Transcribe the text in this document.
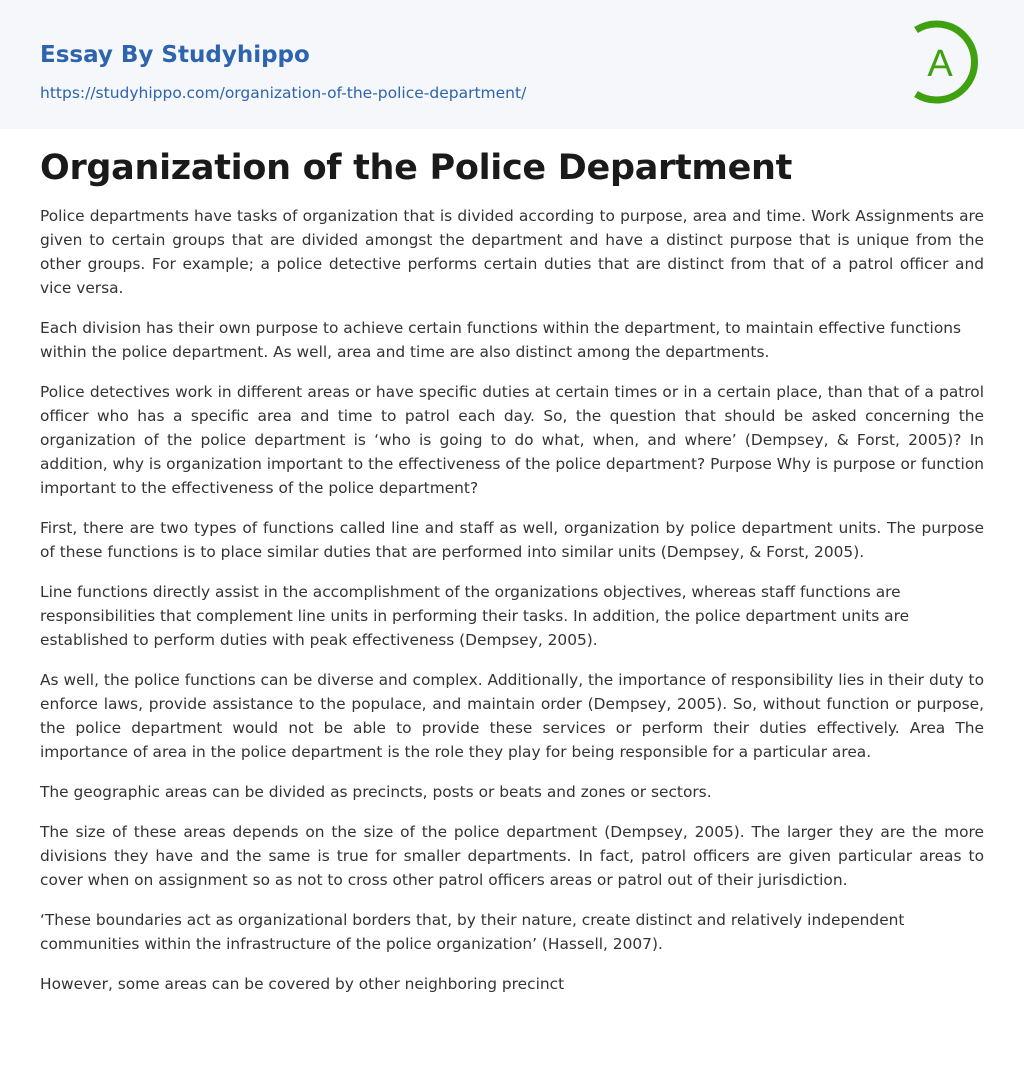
Essay By Studyhippo
https://studyhippo.com/organization-of-the-police-department/
A
Organization of the Police Department

Police departments have tasks of organization that is divided according to purpose, area and time. Work Assignments are given to certain groups that are divided amongst the department and have a distinct purpose that is unique from the other groups. For example; a police detective performs certain duties that are distinct from that of a patrol officer and vice versa.

Each division has their own purpose to achieve certain functions within the department, to maintain effective functions within the police department. As well, area and time are also distinct among the departments.

Police detectives work in different areas or have specific duties at certain times or in a certain place, than that of a patrol officer who has a specific area and time to patrol each day. So, the question that should be asked concerning the organization of the police department is ‘who is going to do what, when, and where’ (Dempsey, & Forst, 2005)? In addition, why is organization important to the effectiveness of the police department? Purpose Why is purpose or function important to the effectiveness of the police department?

First, there are two types of functions called line and staff as well, organization by police department units. The purpose of these functions is to place similar duties that are performed into similar units (Dempsey, & Forst, 2005).

Line functions directly assist in the accomplishment of the organizations objectives, whereas staff functions are responsibilities that complement line units in performing their tasks. In addition, the police department units are established to perform duties with peak effectiveness (Dempsey, 2005).

As well, the police functions can be diverse and complex. Additionally, the importance of responsibility lies in their duty to enforce laws, provide assistance to the populace, and maintain order (Dempsey, 2005). So, without function or purpose, the police department would not be able to provide these services or perform their duties effectively. Area The importance of area in the police department is the role they play for being responsible for a particular area.

The geographic areas can be divided as precincts, posts or beats and zones or sectors.

The size of these areas depends on the size of the police department (Dempsey, 2005). The larger they are the more divisions they have and the same is true for smaller departments. In fact, patrol officers are given particular areas to cover when on assignment so as not to cross other patrol officers areas or patrol out of their jurisdiction.

‘These boundaries act as organizational borders that, by their nature, create distinct and relatively independent communities within the infrastructure of the police organization’ (Hassell, 2007).

However, some areas can be covered by other neighboring precinct
